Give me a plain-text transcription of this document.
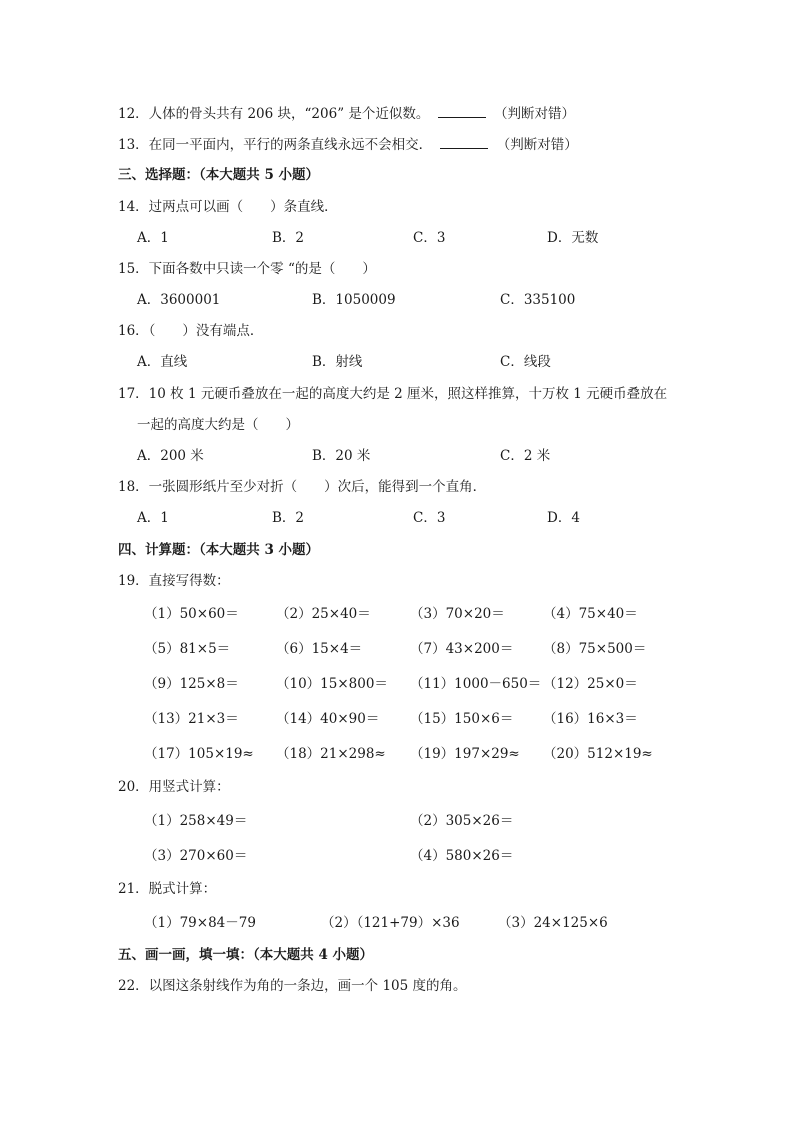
12．人体的骨头共有 206 块，“206” 是个近似数。	（判断对错）
13．在同一平面内，平行的两条直线永远不会相交．	（判断对错）
三、选择题：（本大题共 5 小题）
14．过两点可以画（　　）条直线．
A．1	B．2	C．3	D．无数
15．下面各数中只读一个零 “的是（　　）
A．3600001	B．1050009	C．335100
16．（　　）没有端点．
A．直线	B．射线	C．线段
17．10 枚 1 元硬币叠放在一起的高度大约是 2 厘米，照这样推算，十万枚 1 元硬币叠放在
一起的高度大约是（　　）
A．200 米	B．20 米	C．2 米
18．一张圆形纸片至少对折（　　）次后，能得到一个直角．
A．1	B．2	C．3	D．4
四、计算题：（本大题共 3 小题）
19．直接写得数：
（1）50×60＝	（2）25×40＝	（3）70×20＝	（4）75×40＝
（5）81×5＝	（6）15×4＝	（7）43×200＝ （8）75×500＝
（9）125×8＝	（10）15×800＝ （11）1000－650＝ （12）25×0＝
（13）21×3＝	（14）40×90＝ （15）150×6＝ （16）16×3＝
（17）105×19≈ （18）21×298≈ （19）197×29≈ （20）512×19≈
20．用竖式计算：
（1）258×49＝	（2）305×26＝
（3）270×60＝	（4）580×26＝
21．脱式计算：
（1）79×84－79	（2）（121+79）×36	（3）24×125×6
五、画一画，填一填：（本大题共 4 小题）
22．以图这条射线作为角的一条边，画一个 105 度的角。
